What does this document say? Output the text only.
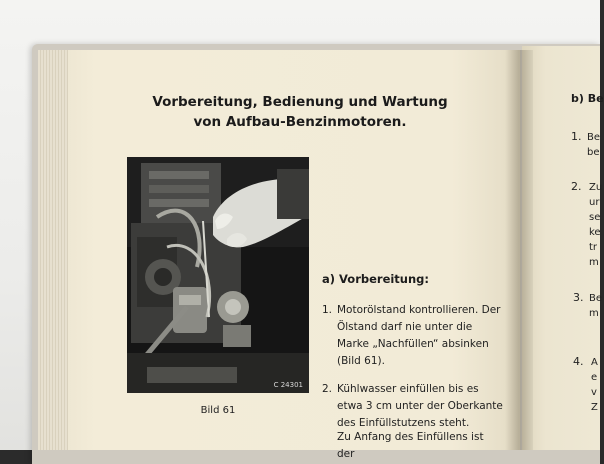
Vorbereitung, Bedienung und Wartung
von Aufbau-Benzinmotoren.
C 24301
Bild 61
a) Vorbereitung:
1. Motorölstand kontrollieren. Der Ölstand darf nie unter die Marke „Nachfüllen“ absinken (Bild 61).

2. Kühlwasser einfüllen bis es etwa 3 cm unter der Oberkante des Einfüllstutzens steht.

Zu Anfang des Einfüllens ist der
b) Be
1. Be
be
2. Zu
ur
se
ke
tr
m
3. Be
m
4. A
e
v
Z
